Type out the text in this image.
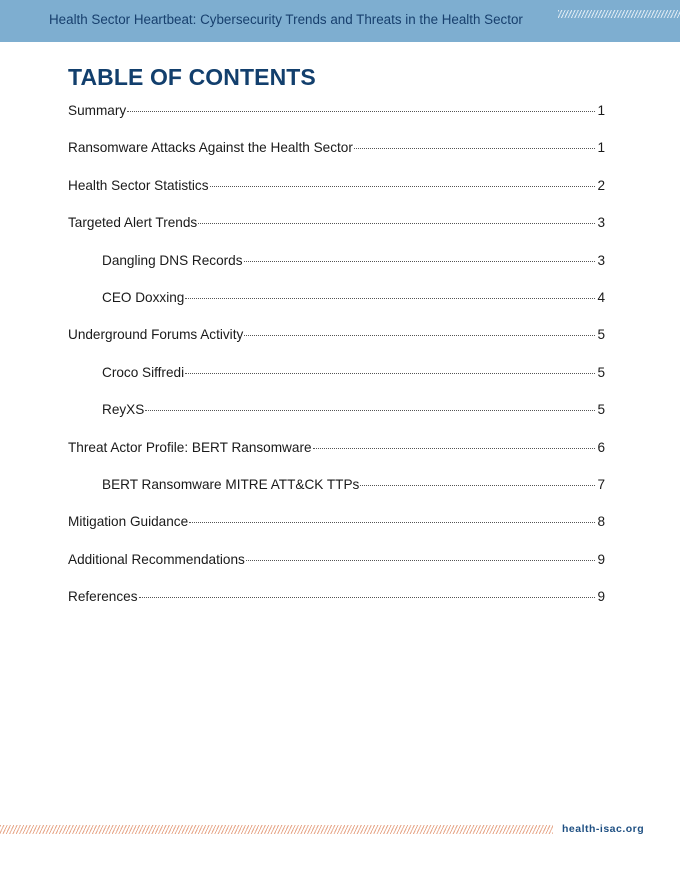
Health Sector Heartbeat: Cybersecurity Trends and Threats in the Health Sector
TABLE OF CONTENTS
Summary	1
Ransomware Attacks Against the Health Sector	1
Health Sector Statistics	2
Targeted Alert Trends	3
Dangling DNS Records	3
CEO Doxxing	4
Underground Forums Activity	5
Croco Siffredi	5
ReyXS	5
Threat Actor Profile: BERT Ransomware	6
BERT Ransomware MITRE ATT&CK TTPs	7
Mitigation Guidance	8
Additional Recommendations	9
References	9
health-isac.org
